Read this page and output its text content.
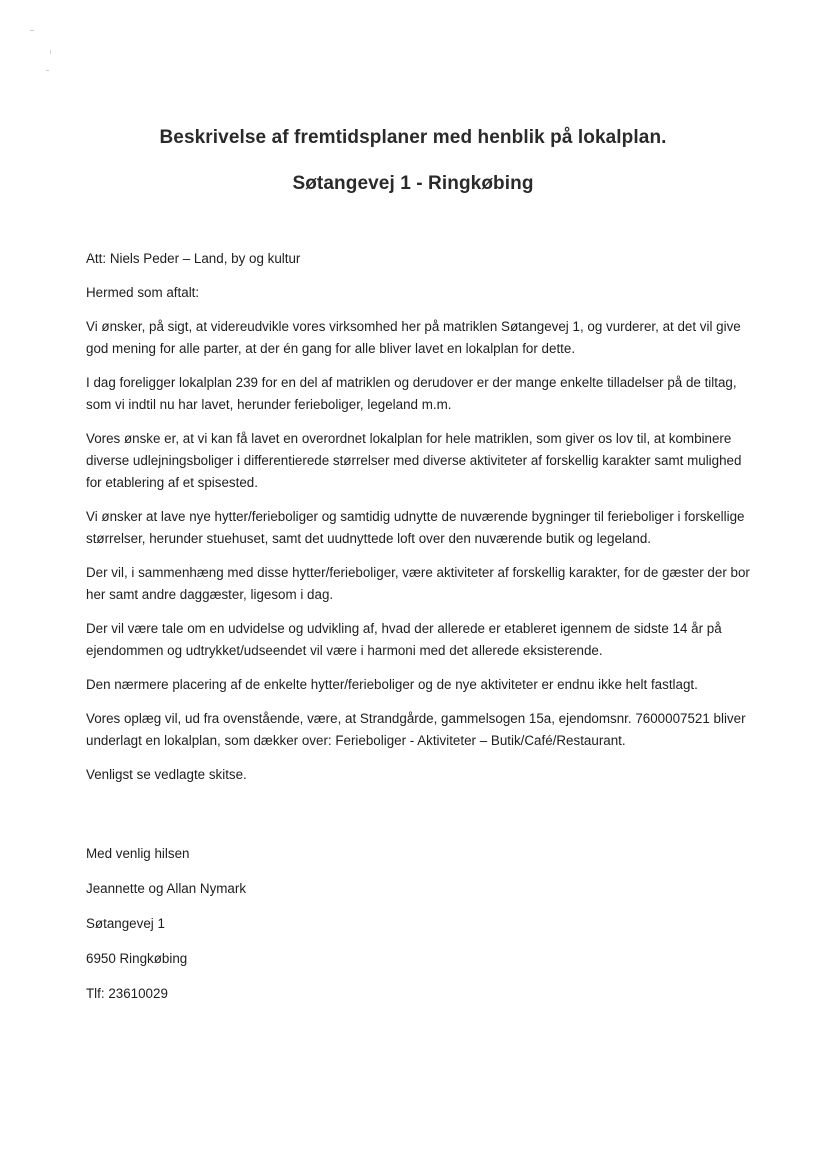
Beskrivelse af fremtidsplaner med henblik på lokalplan.
Søtangevej 1 - Ringkøbing

Att: Niels Peder – Land, by og kultur

Hermed som aftalt:

Vi ønsker, på sigt, at videreudvikle vores virksomhed her på matriklen Søtangevej 1, og vurderer, at det vil give god mening for alle parter, at der én gang for alle bliver lavet en lokalplan for dette.

I dag foreligger lokalplan 239 for en del af matriklen og derudover er der mange enkelte tilladelser på de tiltag, som vi indtil nu har lavet, herunder ferieboliger, legeland m.m.

Vores ønske er, at vi kan få lavet en overordnet lokalplan for hele matriklen, som giver os lov til, at kombinere diverse udlejningsboliger i differentierede størrelser med diverse aktiviteter af forskellig karakter samt mulighed for etablering af et spisested.

Vi ønsker at lave nye hytter/ferieboliger og samtidig udnytte de nuværende bygninger til ferieboliger i forskellige størrelser, herunder stuehuset, samt det uudnyttede loft over den nuværende butik og legeland.

Der vil, i sammenhæng med disse hytter/ferieboliger, være aktiviteter af forskellig karakter, for de gæster der bor her samt andre daggæster, ligesom i dag.

Der vil være tale om en udvidelse og udvikling af, hvad der allerede er etableret igennem de sidste 14 år på ejendommen og udtrykket/udseendet vil være i harmoni med det allerede eksisterende.

Den nærmere placering af de enkelte hytter/ferieboliger og de nye aktiviteter er endnu ikke helt fastlagt.

Vores oplæg vil, ud fra ovenstående, være, at Strandgårde, gammelsogen 15a, ejendomsnr. 7600007521 bliver underlagt en lokalplan, som dækker over: Ferieboliger - Aktiviteter – Butik/Café/Restaurant.

Venligst se vedlagte skitse.

Med venlig hilsen

Jeannette og Allan Nymark

Søtangevej 1

6950 Ringkøbing

Tlf: 23610029
